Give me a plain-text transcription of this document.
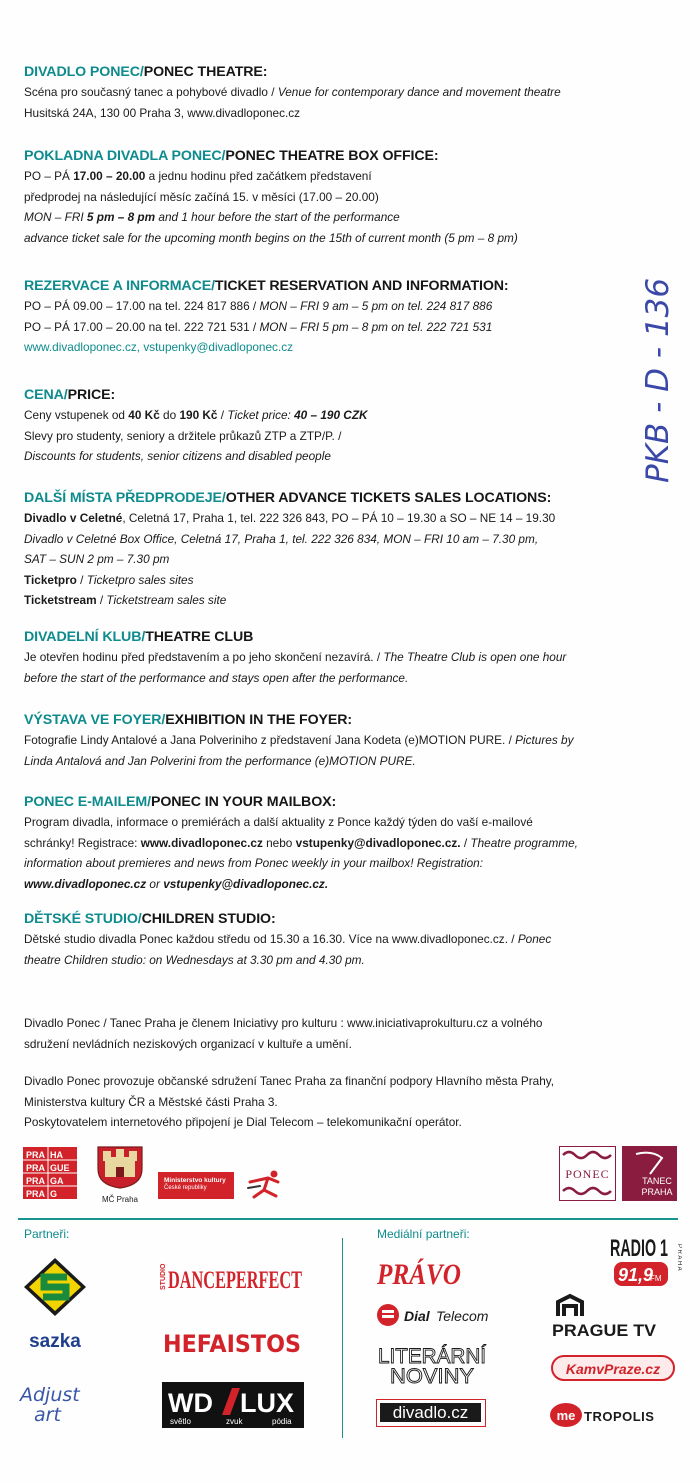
DIVADLO PONEC/PONEC THEATRE:
Scéna pro současný tanec a pohybové divadlo / Venue for contemporary dance and movement theatre
Husitská 24A, 130 00 Praha 3, www.divadloponec.cz
POKLADNA DIVADLA PONEC/PONEC THEATRE BOX OFFICE:
PO – PÁ 17.00 – 20.00 a jednu hodinu před začátkem představení
předprodej na následující měsíc začíná 15. v měsíci (17.00 – 20.00)
MON – FRI 5 pm – 8 pm and 1 hour before the start of the performance
advance ticket sale for the upcoming month begins on the 15th of current month (5 pm – 8 pm)
REZERVACE A INFORMACE/TICKET RESERVATION AND INFORMATION:
PO – PÁ 09.00 – 17.00 na tel. 224 817 886 / MON – FRI 9 am – 5 pm on tel. 224 817 886
PO – PÁ 17.00 – 20.00 na tel. 222 721 531 / MON – FRI 5 pm – 8 pm on tel. 222 721 531
www.divadloponec.cz, vstupenky@divadloponec.cz
CENA/PRICE:
Ceny vstupenek od 40 Kč do 190 Kč / Ticket price: 40 – 190 CZK
Slevy pro studenty, seniory a držitele průkazů ZTP a ZTP/P. /
Discounts for students, senior citizens and disabled people
DALŠÍ MÍSTA PŘEDPRODEJE/OTHER ADVANCE TICKETS SALES LOCATIONS:
Divadlo v Celetné, Celetná 17, Praha 1, tel. 222 326 843, PO – PÁ 10 – 19.30 a SO – NE 14 – 19.30
Divadlo v Celetné Box Office, Celetná 17, Praha 1, tel. 222 326 834, MON – FRI 10 am – 7.30 pm,
SAT – SUN 2 pm – 7.30 pm
Ticketpro / Ticketpro sales sites
Ticketstream / Ticketstream sales site
DIVADELNÍ KLUB/THEATRE CLUB
Je otevřen hodinu před představením a po jeho skončení nezavírá. / The Theatre Club is open one hour
before the start of the performance and stays open after the performance.
VÝSTAVA VE FOYER/EXHIBITION IN THE FOYER:
Fotografie Lindy Antalové a Jana Polveriniho z představení Jana Kodeta (e)MOTION PURE. / Pictures by
Linda Antalová and Jan Polverini from the performance (e)MOTION PURE.
PONEC E-MAILEM/PONEC IN YOUR MAILBOX:
Program divadla, informace o premiérách a další aktuality z Ponce každý týden do vaší e-mailové
schránky! Registrace: www.divadloponec.cz nebo vstupenky@divadloponec.cz. / Theatre programme,
information about premieres and news from Ponec weekly in your mailbox! Registration:
www.divadloponec.cz or vstupenky@divadloponec.cz.
DĚTSKÉ STUDIO/CHILDREN STUDIO:
Dětské studio divadla Ponec každou středu od 15.30 a 16.30. Více na www.divadloponec.cz. / Ponec
theatre Children studio: on Wednesdays at 3.30 pm and 4.30 pm.
Divadlo Ponec / Tanec Praha je členem Iniciativy pro kulturu : www.iniciativaprokulturu.cz a volného
sdružení nevládních neziskových organizací v kultuře a umění.
Divadlo Ponec provozuje občanské sdružení Tanec Praha za finanční podpory Hlavního města Prahy,
Ministerstva kultury ČR a Městské části Praha 3.
Poskytovatelem internetového připojení je Dial Telecom – telekomunikační operátor.
PKB - D - 136
PRA HA
PRA GUE
PRA GA
PRA G
MČ Praha
Ministerstvo kultury
České republiky
PONEC	TANEC
PRAHA
Partneři:	Mediální partneři:
sazka
Adjust
art
STUDIO DANCEPERFECT
HEFAISTOS
WD LUX
světlo	zvuk	pódia
PRÁVO
Dial Telecom
LITERÁRNÍ
NOVINY
divadlo.cz
RADIO 1
91,9
FM
PRAHA
PRAGUE TV
KamvPraze.cz
me TROPOLIS
